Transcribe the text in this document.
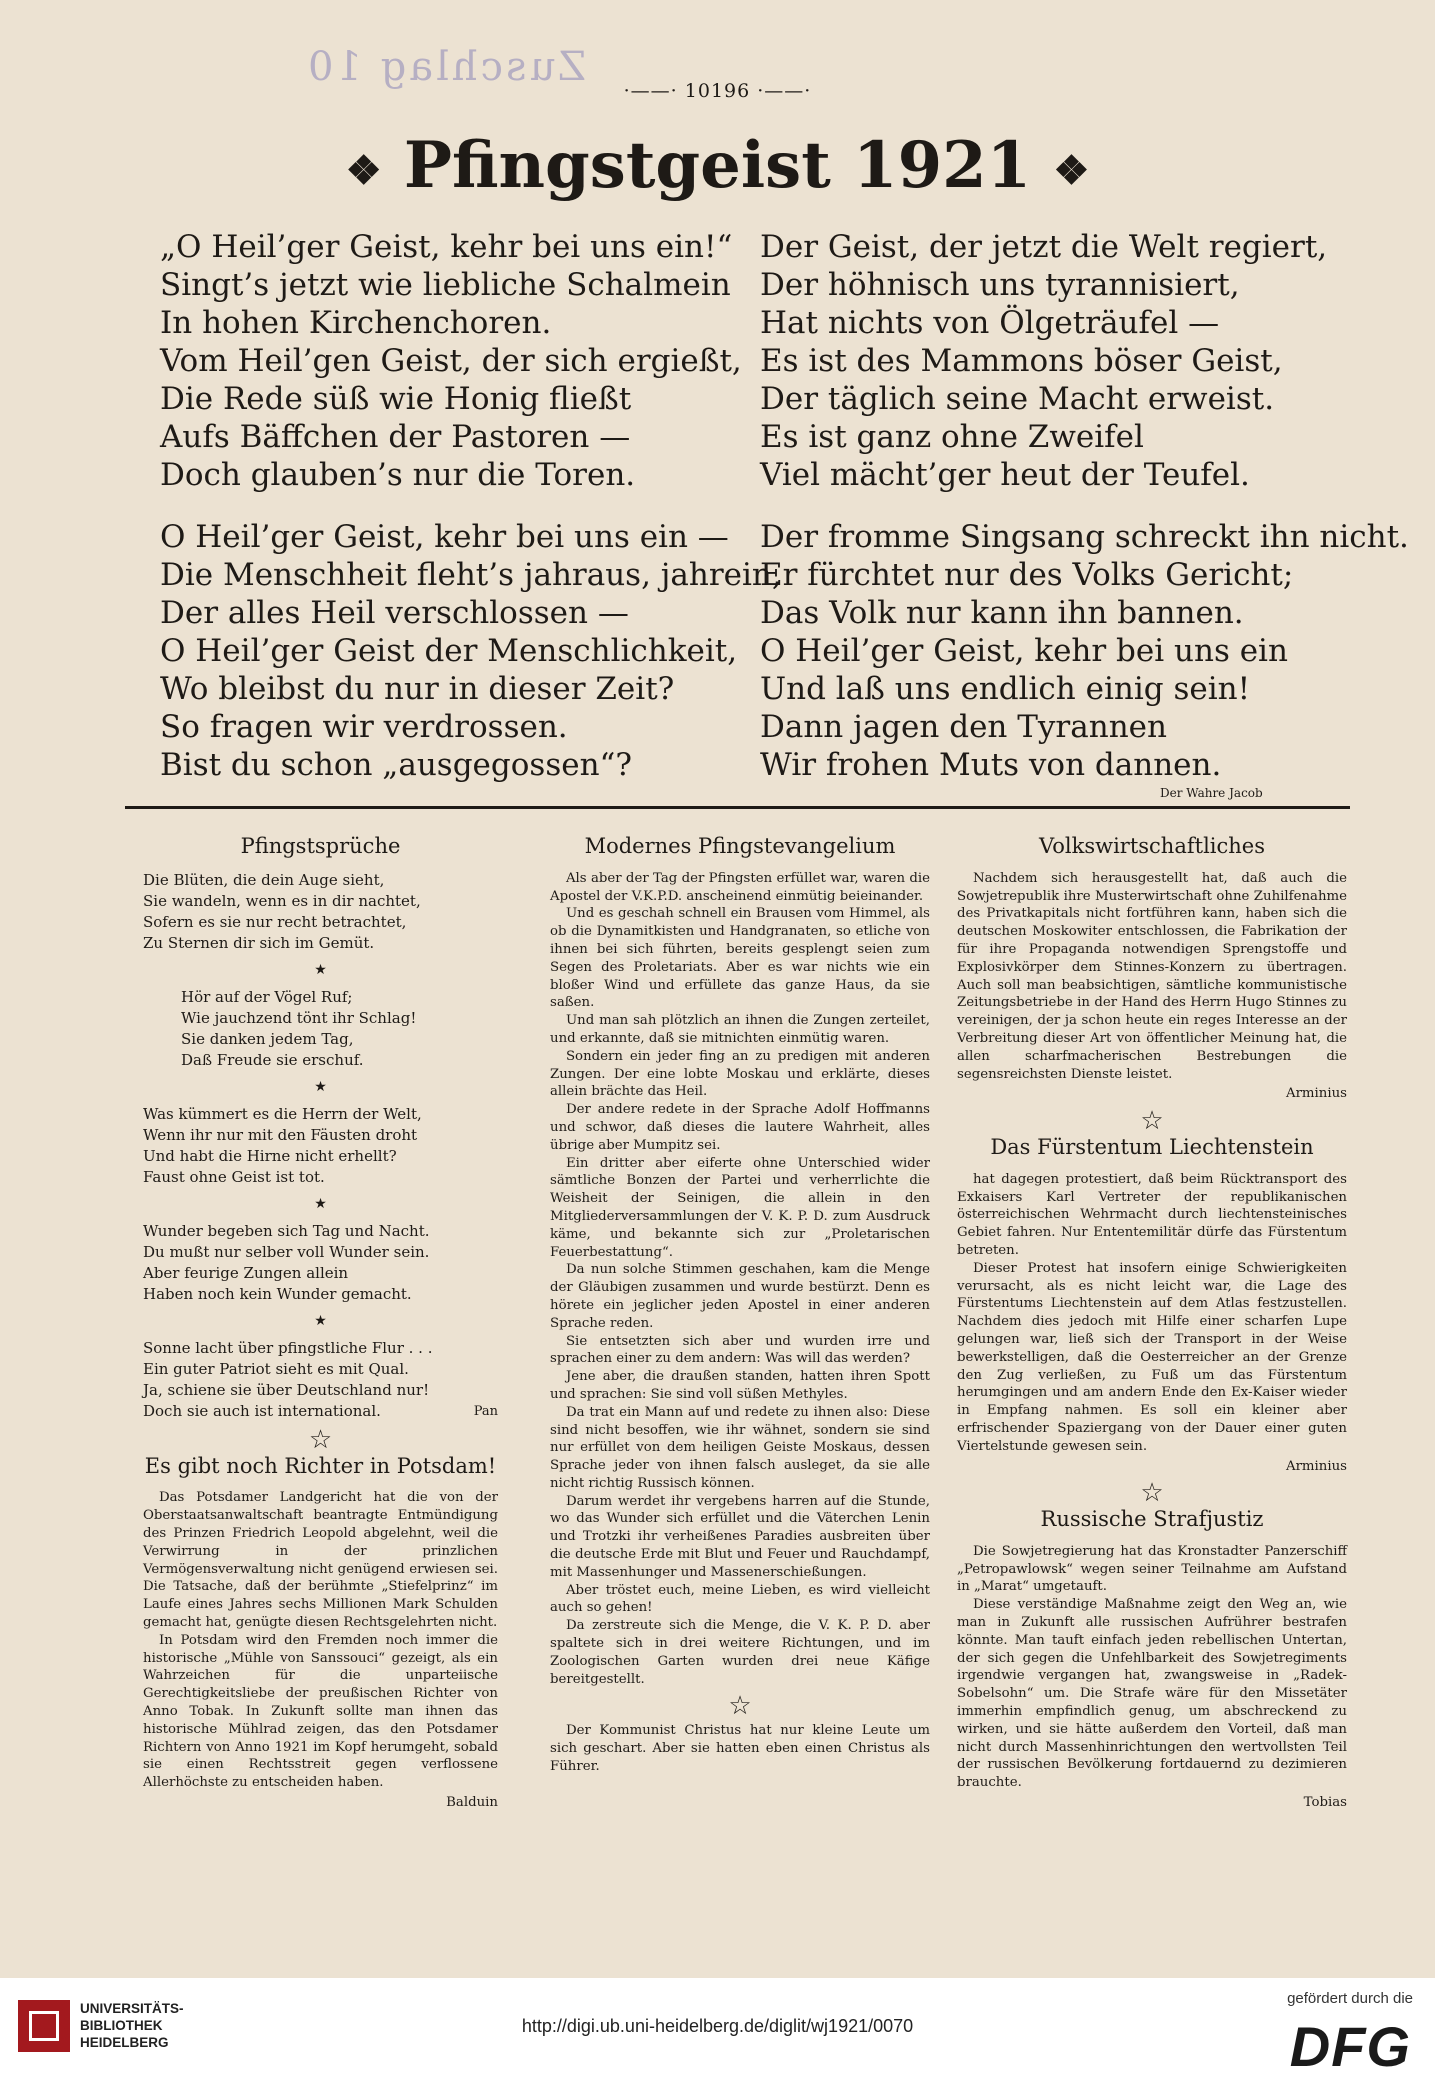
Zuschlag 10
·——· 10196 ·——·
❖ Pfingstgeist 1921 ❖
„O Heil’ger Geist, kehr bei uns ein!“
Singt’s jetzt wie liebliche Schalmein
In hohen Kirchenchoren.
Vom Heil’gen Geist, der sich ergießt,
Die Rede süß wie Honig fließt
Aufs Bäffchen der Pastoren —
Doch glauben’s nur die Toren.
O Heil’ger Geist, kehr bei uns ein —
Die Menschheit fleht’s jahraus, jahrein,
Der alles Heil verschlossen —
O Heil’ger Geist der Menschlichkeit,
Wo bleibst du nur in dieser Zeit?
So fragen wir verdrossen.
Bist du schon „ausgegossen“?
Der Geist, der jetzt die Welt regiert,
Der höhnisch uns tyrannisiert,
Hat nichts von Ölgeträufel —
Es ist des Mammons böser Geist,
Der täglich seine Macht erweist.
Es ist ganz ohne Zweifel
Viel mächt’ger heut der Teufel.
Der fromme Singsang schreckt ihn nicht.
Er fürchtet nur des Volks Gericht;
Das Volk nur kann ihn bannen.
O Heil’ger Geist, kehr bei uns ein
Und laß uns endlich einig sein!
Dann jagen den Tyrannen
Wir frohen Muts von dannen.
Der Wahre Jacob
Pfingstsprüche
Die Blüten, die dein Auge sieht,
Sie wandeln, wenn es in dir nachtet,
Sofern es sie nur recht betrachtet,
Zu Sternen dir sich im Gemüt.
★
Hör auf der Vögel Ruf;
Wie jauchzend tönt ihr Schlag!
Sie danken jedem Tag,
Daß Freude sie erschuf.
★
Was kümmert es die Herrn der Welt,
Wenn ihr nur mit den Fäusten droht
Und habt die Hirne nicht erhellt?
Faust ohne Geist ist tot.
★
Wunder begeben sich Tag und Nacht.
Du mußt nur selber voll Wunder sein.
Aber feurige Zungen allein
Haben noch kein Wunder gemacht.
★
Sonne lacht über pfingstliche Flur . . .
Ein guter Patriot sieht es mit Qual.
Ja, schiene sie über Deutschland nur!
Doch sie auch ist international.	Pan
☆
Es gibt noch Richter in Potsdam!

Das Potsdamer Landgericht hat die von der Oberstaatsanwaltschaft beantragte Entmündigung des Prinzen Friedrich Leopold abgelehnt, weil die Verwirrung in der prinzlichen Vermögensverwaltung nicht genügend erwiesen sei. Die Tatsache, daß der berühmte „Stiefelprinz“ im Laufe eines Jahres sechs Millionen Mark Schulden gemacht hat, genügte diesen Rechtsgelehrten nicht.

In Potsdam wird den Fremden noch immer die historische „Mühle von Sanssouci“ gezeigt, als ein Wahrzeichen für die unparteiische Gerechtigkeitsliebe der preußischen Richter von Anno Tobak. In Zukunft sollte man ihnen das historische Mühlrad zeigen, das den Potsdamer Richtern von Anno 1921 im Kopf herumgeht, sobald sie einen Rechtsstreit gegen verflossene Allerhöchste zu entscheiden haben.

Balduin
Modernes Pfingstevangelium

Als aber der Tag der Pfingsten erfüllet war, waren die Apostel der V.K.P.D. anscheinend einmütig beieinander.

Und es geschah schnell ein Brausen vom Himmel, als ob die Dynamitkisten und Handgranaten, so etliche von ihnen bei sich führten, bereits gesplengt seien zum Segen des Proletariats. Aber es war nichts wie ein bloßer Wind und erfüllete das ganze Haus, da sie saßen.

Und man sah plötzlich an ihnen die Zungen zerteilet, und erkannte, daß sie mitnichten einmütig waren.

Sondern ein jeder fing an zu predigen mit anderen Zungen. Der eine lobte Moskau und erklärte, dieses allein brächte das Heil.

Der andere redete in der Sprache Adolf Hoffmanns und schwor, daß dieses die lautere Wahrheit, alles übrige aber Mumpitz sei.

Ein dritter aber eiferte ohne Unterschied wider sämtliche Bonzen der Partei und verherrlichte die Weisheit der Seinigen, die allein in den Mitgliederversammlungen der V. K. P. D. zum Ausdruck käme, und bekannte sich zur „Proletarischen Feuerbestattung“.

Da nun solche Stimmen geschahen, kam die Menge der Gläubigen zusammen und wurde bestürzt. Denn es hörete ein jeglicher jeden Apostel in einer anderen Sprache reden.

Sie entsetzten sich aber und wurden irre und sprachen einer zu dem andern: Was will das werden?

Jene aber, die draußen standen, hatten ihren Spott und sprachen: Sie sind voll süßen Methyles.

Da trat ein Mann auf und redete zu ihnen also: Diese sind nicht besoffen, wie ihr wähnet, sondern sie sind nur erfüllet von dem heiligen Geiste Moskaus, dessen Sprache jeder von ihnen falsch ausleget, da sie alle nicht richtig Russisch können.

Darum werdet ihr vergebens harren auf die Stunde, wo das Wunder sich erfüllet und die Väterchen Lenin und Trotzki ihr verheißenes Paradies ausbreiten über die deutsche Erde mit Blut und Feuer und Rauchdampf, mit Massenhunger und Massenerschießungen.

Aber tröstet euch, meine Lieben, es wird vielleicht auch so gehen!

Da zerstreute sich die Menge, die V. K. P. D. aber spaltete sich in drei weitere Richtungen, und im Zoologischen Garten wurden drei neue Käfige bereitgestellt.

☆

Der Kommunist Christus hat nur kleine Leute um sich geschart. Aber sie hatten eben einen Christus als Führer.

Volkswirtschaftliches

Nachdem sich herausgestellt hat, daß auch die Sowjetrepublik ihre Musterwirtschaft ohne Zuhilfenahme des Privatkapitals nicht fortführen kann, haben sich die deutschen Moskowiter entschlossen, die Fabrikation der für ihre Propaganda notwendigen Sprengstoffe und Explosivkörper dem Stinnes-Konzern zu übertragen. Auch soll man beabsichtigen, sämtliche kommunistische Zeitungsbetriebe in der Hand des Herrn Hugo Stinnes zu vereinigen, der ja schon heute ein reges Interesse an der Verbreitung dieser Art von öffentlicher Meinung hat, die allen scharfmacherischen Bestrebungen die segensreichsten Dienste leistet.

Arminius
☆
Das Fürstentum Liechtenstein

hat dagegen protestiert, daß beim Rücktransport des Exkaisers Karl Vertreter der republikanischen österreichischen Wehrmacht durch liechtensteinisches Gebiet fahren. Nur Ententemilitär dürfe das Fürstentum betreten.

Dieser Protest hat insofern einige Schwierigkeiten verursacht, als es nicht leicht war, die Lage des Fürstentums Liechtenstein auf dem Atlas festzustellen. Nachdem dies jedoch mit Hilfe einer scharfen Lupe gelungen war, ließ sich der Transport in der Weise bewerkstelligen, daß die Oesterreicher an der Grenze den Zug verließen, zu Fuß um das Fürstentum herumgingen und am andern Ende den Ex-Kaiser wieder in Empfang nahmen. Es soll ein kleiner aber erfrischender Spaziergang von der Dauer einer guten Viertelstunde gewesen sein.

Arminius
☆
Russische Strafjustiz

Die Sowjetregierung hat das Kronstadter Panzerschiff „Petropawlowsk“ wegen seiner Teilnahme am Aufstand in „Marat“ umgetauft.

Diese verständige Maßnahme zeigt den Weg an, wie man in Zukunft alle russischen Aufrührer bestrafen könnte. Man tauft einfach jeden rebellischen Untertan, der sich gegen die Unfehlbarkeit des Sowjetregiments irgendwie vergangen hat, zwangsweise in „Radek-Sobelsohn“ um. Die Strafe wäre für den Missetäter immerhin empfindlich genug, um abschreckend zu wirken, und sie hätte außerdem den Vorteil, daß man nicht durch Massenhinrichtungen den wertvollsten Teil der russischen Bevölkerung fortdauernd zu dezimieren brauchte.

Tobias
UNIVERSITÄTS-
BIBLIOTHEK
HEIDELBERG
http://digi.ub.uni-heidelberg.de/diglit/wj1921/0070
gefördert durch die
DFG
